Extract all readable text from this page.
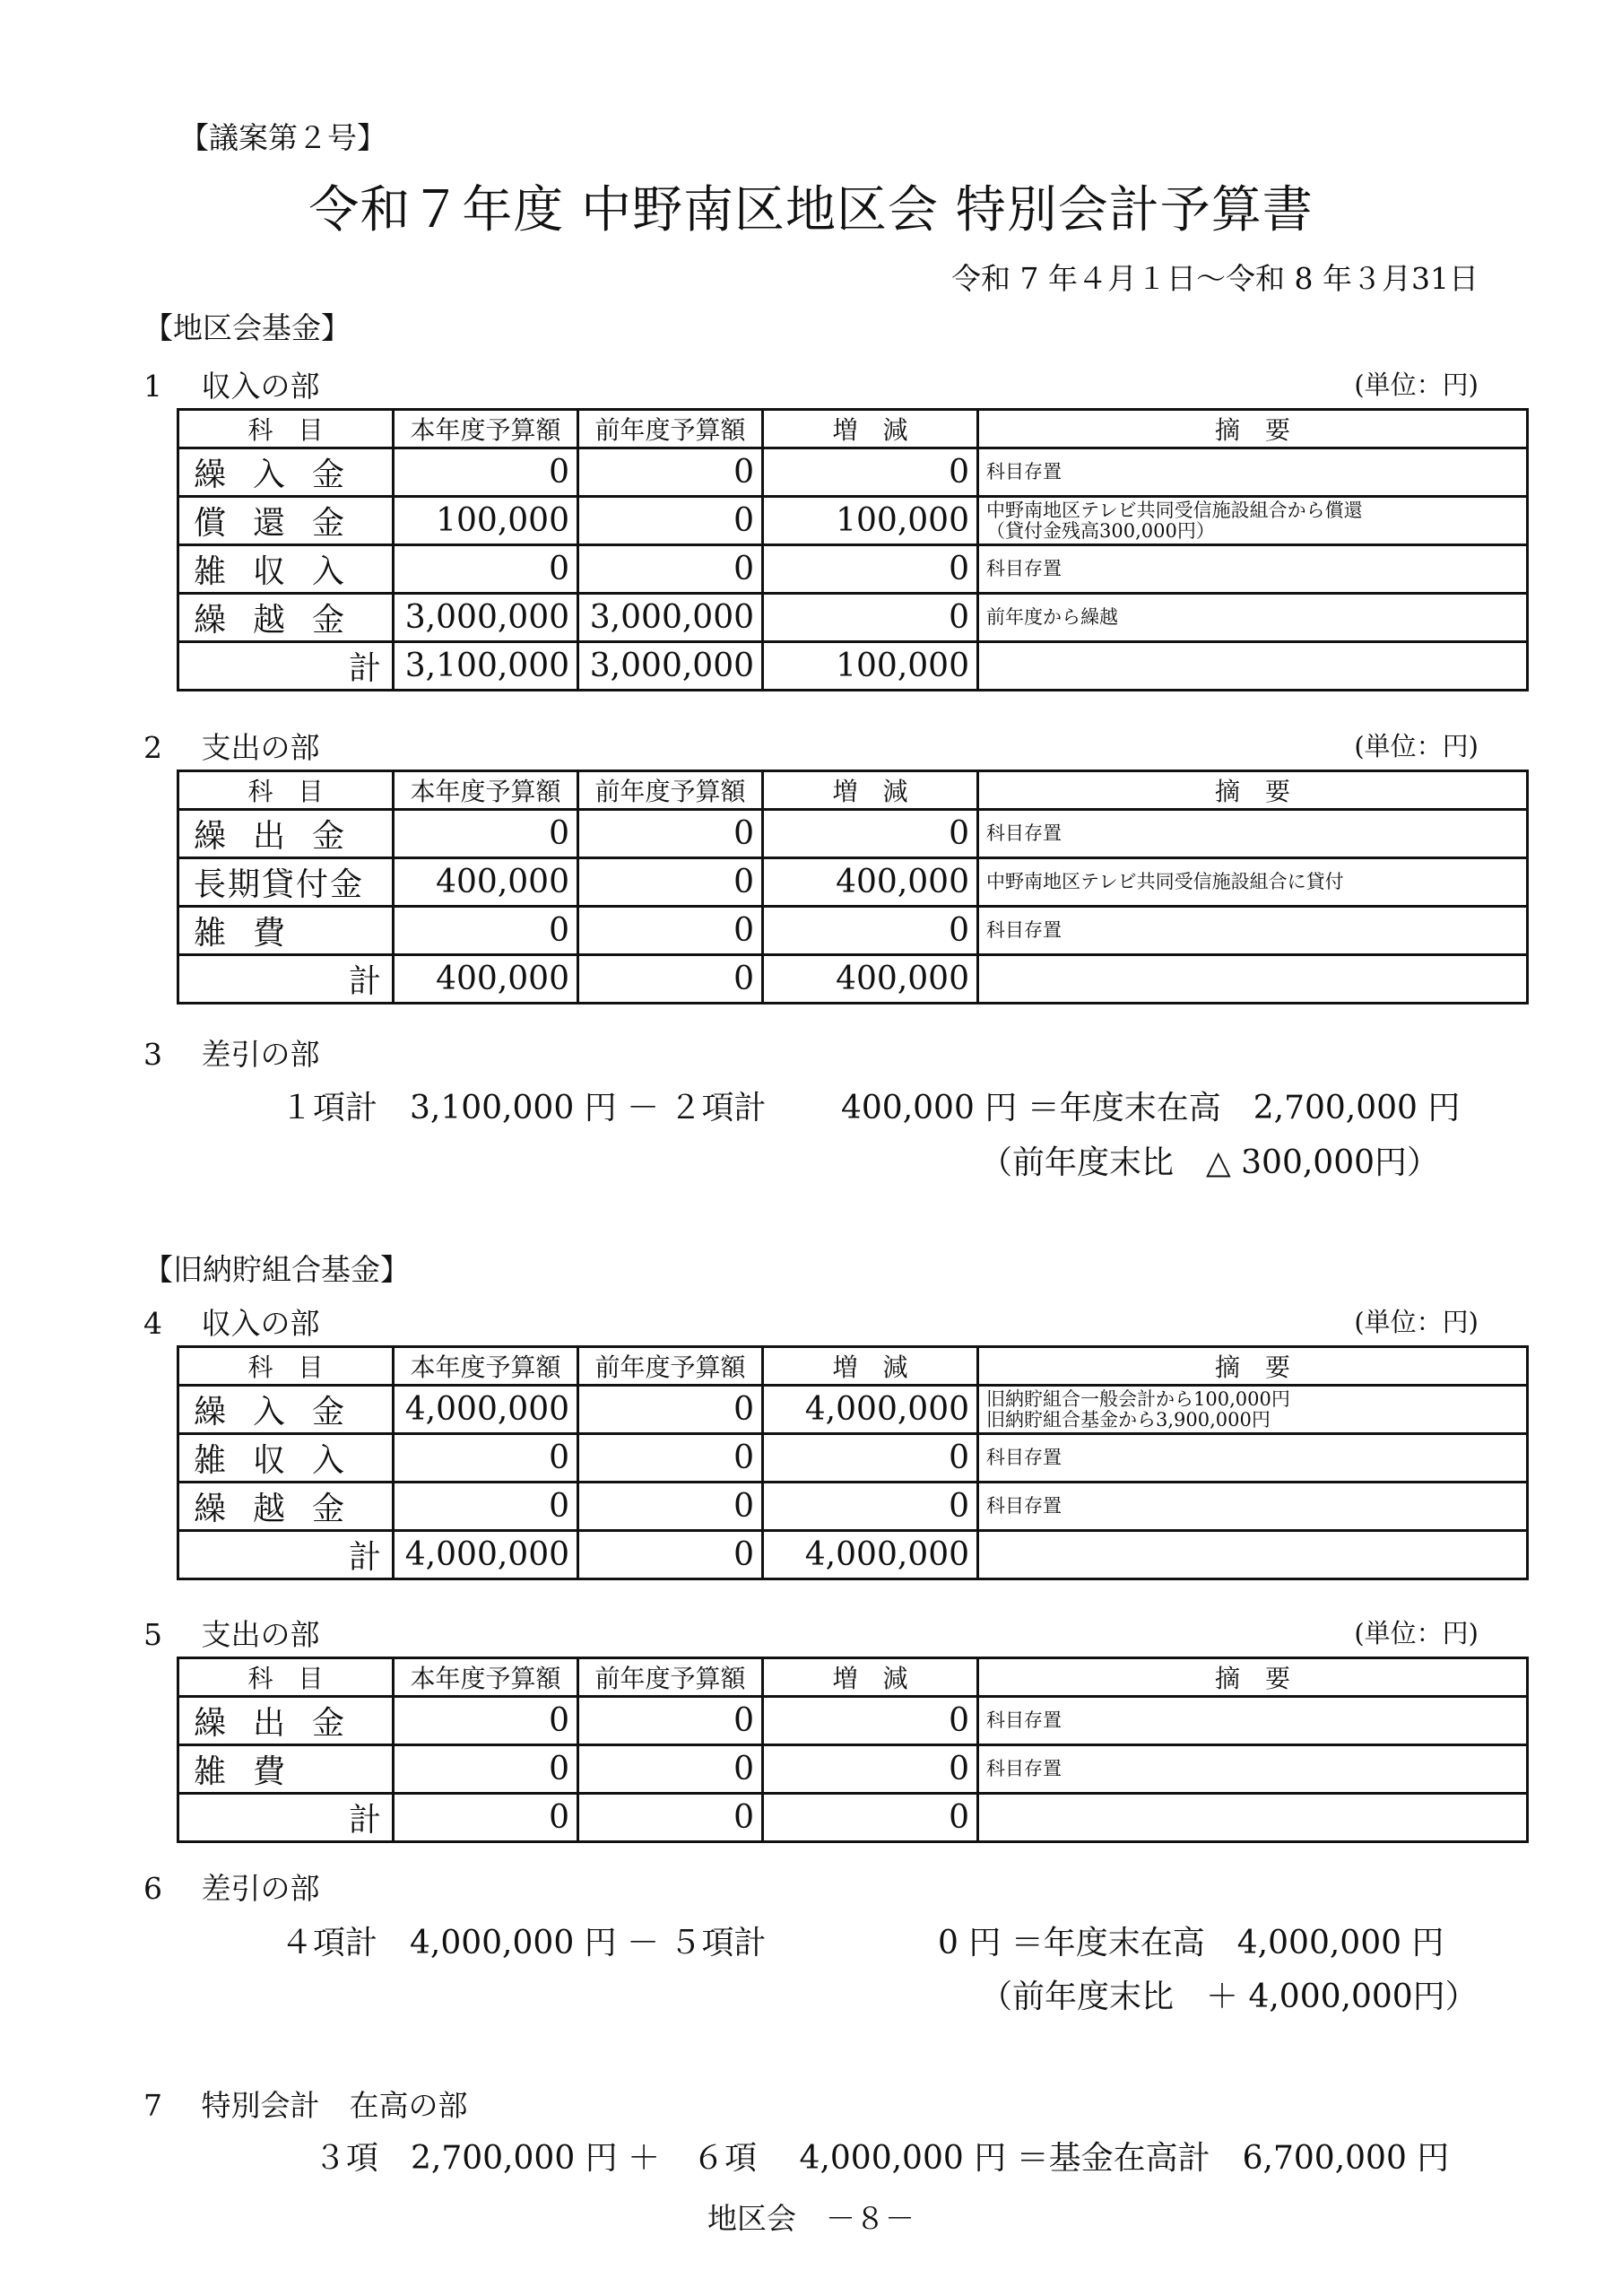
【議案第２号】
令和７年度 中野南区地区会 特別会計予算書
令和 7 年４月１日～令和 8 年３月31日
【地区会基金】
1　 収入の部	(単位：円)
科　目	本年度予算額	前年度予算額	増　減	摘　要
繰入金	0	0	0	科目存置
償還金	100,000	0	100,000	中野南地区テレビ共同受信施設組合から償還
（貸付金残高300,000円）
雑収入	0	0	0	科目存置
繰越金	3,000,000	3,000,000	0	前年度から繰越
計	3,100,000	3,000,000	100,000	
2　 支出の部	(単位：円)
科　目	本年度予算額	前年度予算額	増　減	摘　要
繰出金	0	0	0	科目存置
長期貸付金	400,000	0	400,000	中野南地区テレビ共同受信施設組合に貸付
雑費	0	0	0	科目存置
計	400,000	0	400,000	
3　 差引の部
１項計　3,100,000 円 － ２項計　　 400,000 円 ＝年度末在高　2,700,000 円
（前年度末比　△ 300,000円）
【旧納貯組合基金】
4　 収入の部	(単位：円)
科　目	本年度予算額	前年度予算額	増　減	摘　要
繰入金	4,000,000	0	4,000,000	旧納貯組合一般会計から100,000円
旧納貯組合基金から3,900,000円
雑収入	0	0	0	科目存置
繰越金	0	0	0	科目存置
計	4,000,000	0	4,000,000	
5　 支出の部	(単位：円)
科　目	本年度予算額	前年度予算額	増　減	摘　要
繰出金	0	0	0	科目存置
雑費	0	0	0	科目存置
計	0	0	0	
6　 差引の部
４項計　4,000,000 円 － ５項計　　　　　 0 円 ＝年度末在高　4,000,000 円
（前年度末比　＋ 4,000,000円）
7　 特別会計　在高の部
３項　2,700,000 円 ＋　６項　 4,000,000 円 ＝基金在高計　6,700,000 円
地区会　－８－
